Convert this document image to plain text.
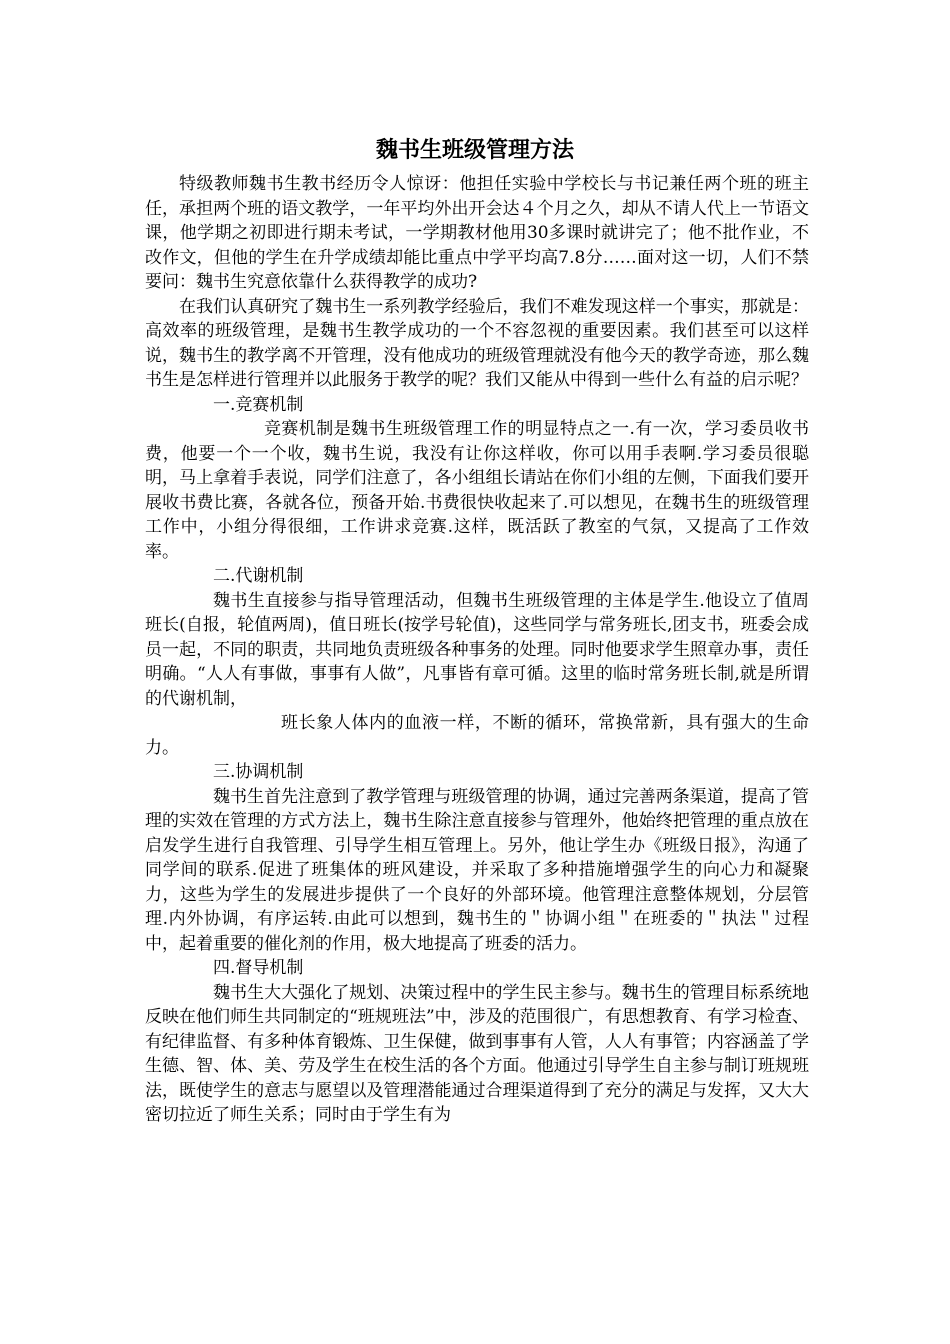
魏书生班级管理方法

特级教师魏书生教书经历令人惊讶：他担任实验中学校长与书记兼任两个班的班主任，承担两个班的语文教学，一年平均外出开会达４个月之久，却从不请人代上一节语文课，他学期之初即进行期未考试，一学期教材他用30多课时就讲完了；他不批作业，不改作文，但他的学生在升学成绩却能比重点中学平均高7.8分……面对这一切，人们不禁要问：魏书生究意依靠什么获得教学的成功?

在我们认真研究了魏书生一系列教学经验后，我们不难发现这样一个事实，那就是：高效率的班级管理，是魏书生教学成功的一个不容忽视的重要因素。我们甚至可以这样说，魏书生的教学离不开管理，没有他成功的班级管理就没有他今天的教学奇迹，那么魏书生是怎样进行管理并以此服务于教学的呢？我们又能从中得到一些什么有益的启示呢？

一.竞赛机制

竞赛机制是魏书生班级管理工作的明显特点之一.有一次，学习委员收书费，他要一个一个收，魏书生说，我没有让你这样收，你可以用手表啊.学习委员很聪明，马上拿着手表说，同学们注意了，各小组组长请站在你们小组的左侧，下面我们要开展收书费比赛，各就各位，预备开始.书费很快收起来了.可以想见，在魏书生的班级管理工作中，小组分得很细，工作讲求竞赛.这样，既活跃了教室的气氛，又提高了工作效率。

二.代谢机制

魏书生直接参与指导管理活动，但魏书生班级管理的主体是学生.他设立了值周班长(自报，轮值两周)，值日班长(按学号轮值)，这些同学与常务班长,团支书，班委会成员一起，不同的职责，共同地负责班级各种事务的处理。同时他要求学生照章办事，责任明确。“人人有事做，事事有人做”，凡事皆有章可循。这里的临时常务班长制,就是所谓的代谢机制，

班长象人体内的血液一样，不断的循环，常换常新，具有强大的生命力。

三.协调机制

魏书生首先注意到了教学管理与班级管理的协调，通过完善两条渠道，提高了管理的实效在管理的方式方法上，魏书生除注意直接参与管理外，他始终把管理的重点放在启发学生进行自我管理、引导学生相互管理上。另外，他让学生办《班级日报》，沟通了同学间的联系.促进了班集体的班风建设，并采取了多种措施增强学生的向心力和凝聚力，这些为学生的发展进步提供了一个良好的外部环境。他管理注意整体规划，分层管理.内外协调，有序运转.由此可以想到，魏书生的＂协调小组＂在班委的＂执法＂过程中，起着重要的催化剂的作用，极大地提高了班委的活力。

四.督导机制

魏书生大大强化了规划、决策过程中的学生民主参与。魏书生的管理目标系统地反映在他们师生共同制定的“班规班法”中，涉及的范围很广，有思想教育、有学习检查、有纪律监督、有多种体育锻炼、卫生保健，做到事事有人管，人人有事管；内容涵盖了学生德、智、体、美、劳及学生在校生活的各个方面。他通过引导学生自主参与制订班规班法，既使学生的意志与愿望以及管理潜能通过合理渠道得到了充分的满足与发挥，又大大密切拉近了师生关系；同时由于学生有为
